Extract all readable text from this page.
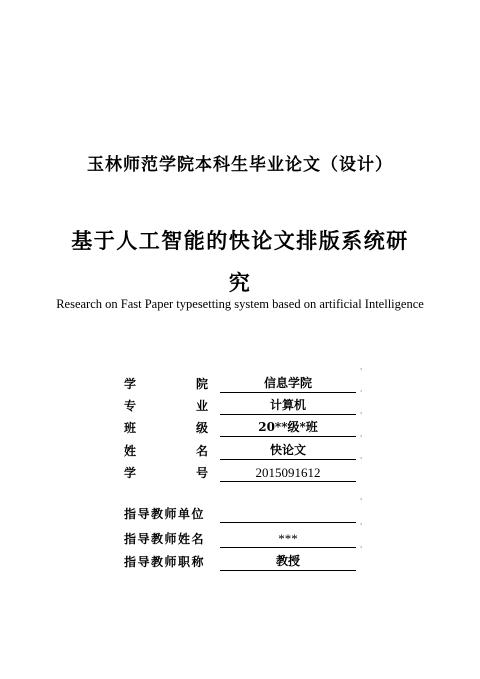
玉林师范学院本科生毕业论文（设计）
基于人工智能的快论文排版系统研
究
Research on Fast Paper typesetting system based on artificial Intelligence
学	院	信息学院
'
专	业	计算机
'
班	级	20**级*班
'
姓	名	快论文
'
学	号	2015091612
'
指导教师单位
'
指导教师姓名	***
'
指导教师职称	教授
'
